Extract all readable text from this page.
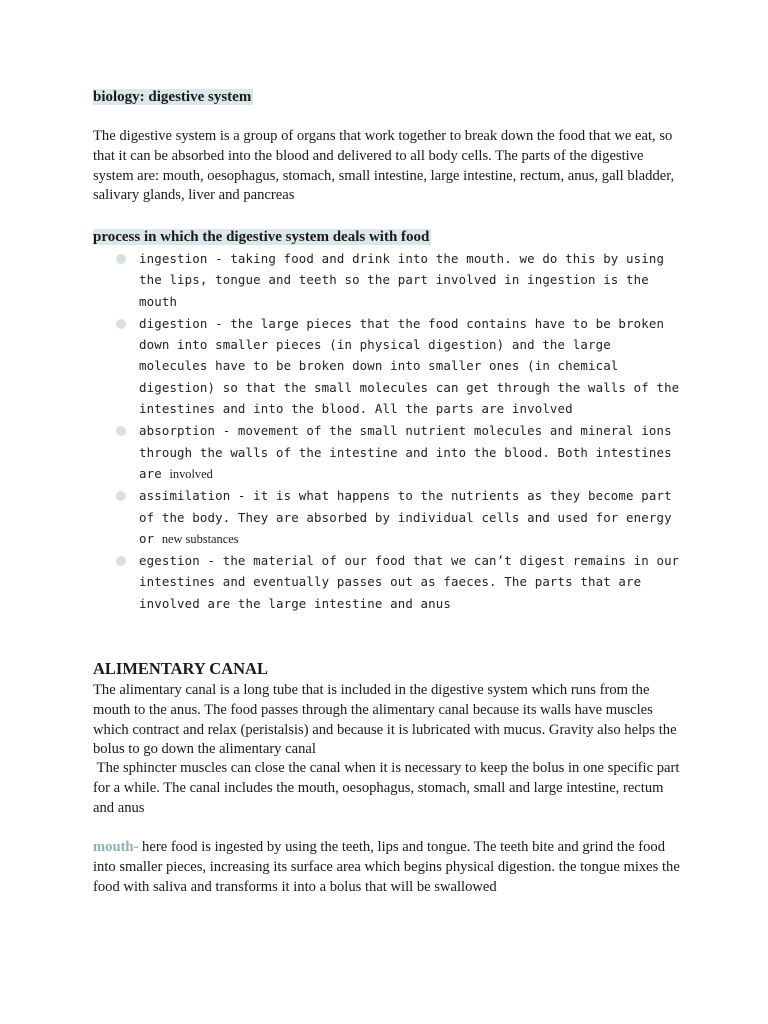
biology: digestive system

The digestive system is a group of organs that work together to break down the food that we eat, so that it can be absorbed into the blood and delivered to all body cells. The parts of the digestive system are: mouth, oesophagus, stomach, small intestine, large intestine, rectum, anus, gall bladder, salivary glands, liver and pancreas

process in which the digestive system deals with food
ingestion - taking food and drink into the mouth. we do this by using the lips, tongue and teeth so the part involved in ingestion is the mouth
digestion - the large pieces that the food contains have to be broken down into smaller pieces (in physical digestion) and the large molecules have to be broken down into smaller ones (in chemical digestion) so that the small molecules can get through the walls of the intestines and into the blood. All the parts are involved
absorption - movement of the small nutrient molecules and mineral ions through the walls of the intestine and into the blood. Both intestines are involved
assimilation - it is what happens to the nutrients as they become part of the body. They are absorbed by individual cells and used for energy or new substances
egestion - the material of our food that we can’t digest remains in our intestines and eventually passes out as faeces. The parts that are involved are the large intestine and anus
ALIMENTARY CANAL

The alimentary canal is a long tube that is included in the digestive system which runs from the mouth to the anus. The food passes through the alimentary canal because its walls have muscles which contract and relax (peristalsis) and because it is lubricated with mucus. Gravity also helps the bolus to go down the alimentary canal

The sphincter muscles can close the canal when it is necessary to keep the bolus in one specific part for a while. The canal includes the mouth, oesophagus, stomach, small and large intestine, rectum and anus

mouth- here food is ingested by using the teeth, lips and tongue. The teeth bite and grind the food into smaller pieces, increasing its surface area which begins physical digestion. the tongue mixes the food with saliva and transforms it into a bolus that will be swallowed
